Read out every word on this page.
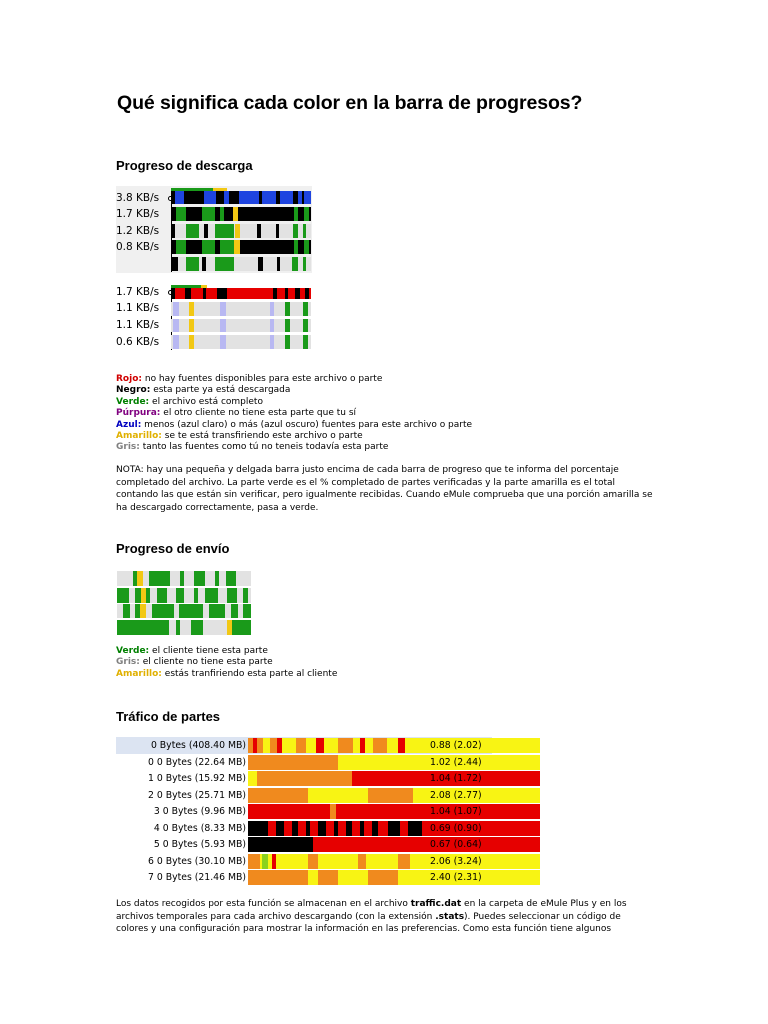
Qué significa cada color en la barra de progresos?
Progreso de descarga
3.8 KB/s
1.7 KB/s
1.2 KB/s
0.8 KB/s
1.7 KB/s
1.1 KB/s
1.1 KB/s
0.6 KB/s
Rojo: no hay fuentes disponibles para este archivo o parte
Negro: esta parte ya está descargada
Verde: el archivo está completo
Púrpura: el otro cliente no tiene esta parte que tu sí
Azul: menos (azul claro) o más (azul oscuro) fuentes para este archivo o parte
Amarillo: se te está transfiriendo este archivo o parte
Gris: tanto las fuentes como tú no teneis todavía esta parte
NOTA: hay una pequeña y delgada barra justo encima de cada barra de progreso que te informa del porcentaje completado del archivo. La parte verde es el % completado de partes verificadas y la parte amarilla es el total contando las que están sin verificar, pero igualmente recibidas. Cuando eMule comprueba que una porción amarilla se ha descargado correctamente, pasa a verde.
Progreso de envío
Verde: el cliente tiene esta parte
Gris: el cliente no tiene esta parte
Amarillo: estás tranfiriendo esta parte al cliente
Tráfico de partes
0 Bytes (408.40 MB)	0.88 (2.02)
0 0 Bytes (22.64 MB)	1.02 (2.44)
1 0 Bytes (15.92 MB)	1.04 (1.72)
2 0 Bytes (25.71 MB)	2.08 (2.77)
3 0 Bytes (9.96 MB)	1.04 (1.07)
4 0 Bytes (8.33 MB)	0.69 (0.90)
5 0 Bytes (5.93 MB)	0.67 (0.64)
6 0 Bytes (30.10 MB)	2.06 (3.24)
7 0 Bytes (21.46 MB)	2.40 (2.31)
Los datos recogidos por esta función se almacenan en el archivo traffic.dat en la carpeta de eMule Plus y en los archivos temporales para cada archivo descargando (con la extensión .stats). Puedes seleccionar un código de colores y una configuración para mostrar la información en las preferencias. Como esta función tiene algunos
